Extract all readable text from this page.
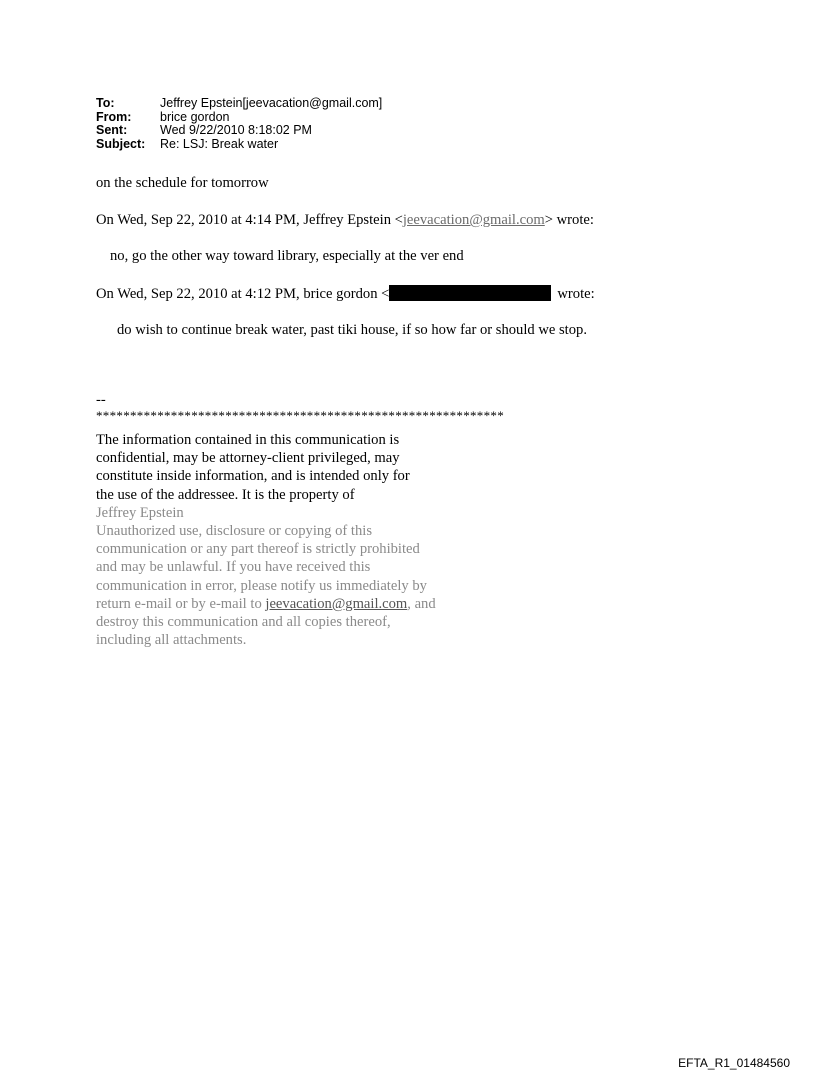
To:	Jeffrey Epstein[jeevacation@gmail.com]
From:	brice gordon
Sent:	Wed 9/22/2010 8:18:02 PM
Subject:	Re: LSJ: Break water
on the schedule for tomorrow
On Wed, Sep 22, 2010 at 4:14 PM, Jeffrey Epstein <jeevacation@gmail.com> wrote:
no, go the other way toward library, especially at the ver end
On Wed, Sep 22, 2010 at 4:12 PM, brice gordon <	wrote:
do wish to continue break water, past tiki house, if so how far or should we stop.
--
************************************************************
The information contained in this communication is
confidential, may be attorney-client privileged, may
constitute inside information, and is intended only for
the use of the addressee. It is the property of
Jeffrey Epstein
Unauthorized use, disclosure or copying of this
communication or any part thereof is strictly prohibited
and may be unlawful. If you have received this
communication in error, please notify us immediately by
return e-mail or by e-mail to jeevacation@gmail.com, and
destroy this communication and all copies thereof,
including all attachments.
EFTA_R1_01484560
